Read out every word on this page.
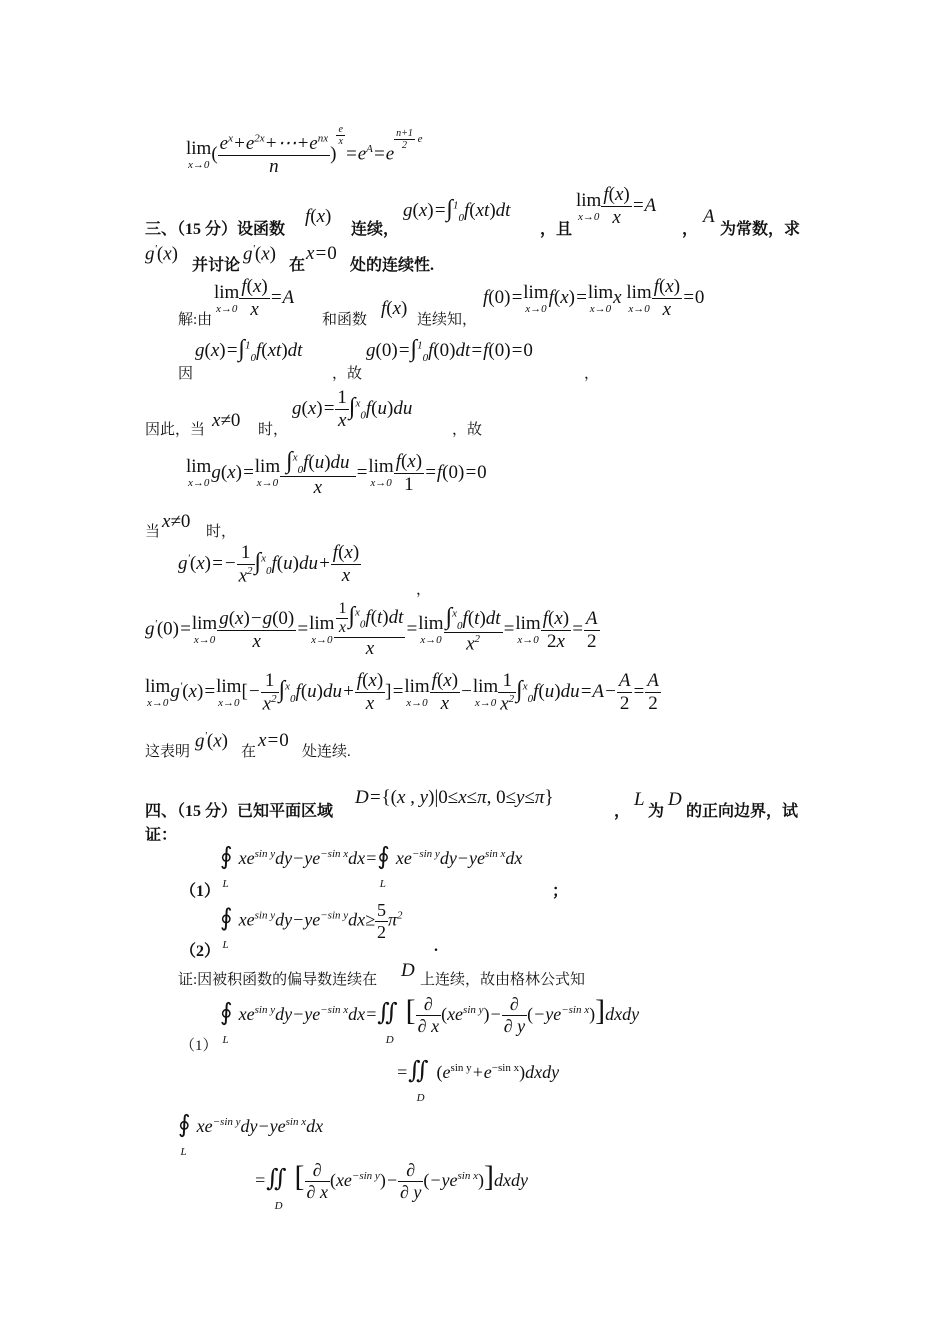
lim
x→0
( $\frac{e^x+e^{2x}+\cdots+e^{nx}}{n}$ )
$^{\frac{e}{x}}$
$=e^A=e$
$^{\frac{n+1}{2} e}$
三、（15 分）设函数
f(x)
连续，
g(x)=∫$^1_0$f(xt)dt
，且
lim
$x\to 0 \frac{f(x)}{x} =A$
，
A
为常数，求
g'(x)
并讨论
g'(x)
在
x=0
处的连续性.
解:由
lim
$x\to 0 \frac{f(x)}{x} =A$
和函数
f(x)
连续知，
f(0)=lim
x→0
f(x)=lim
x→0
x lim
$x\to 0 \frac{f(x)}{x} =0$
因
g(x)=∫$^1_0$f(xt)dt
，故
g(0)=∫$^1_0$f(0)dt=f(0)=0
，
因此，当 x≠0 时，
$g(x)= \frac{1}{x} \int^x_0f(u)du$
，故
lim
x→0
g(x)=lim
$x\to 0 \frac{\int^x_0f(u)du}{x} =\lim$
$x\to 0 \frac{f(x)}{1} =f(0)=0$
当 x≠0 时，
$g'(x)=- \frac{1}{x^2} \int^x_0f(u)du+ \frac{f(x)}{x}$
，
g'(0)=lim
$x\to 0 \frac{g(x)-g(0)}{x} =\lim$
$x\to 0 \frac{\frac{1}{x} \int^x_0f(t)dt}{x} =\lim$
$x\to 0 \frac{\int^x_0f(t)dt}{x^2} =\lim$
$x\to 0 \frac{f(x)}{2x} = \frac{A}{2}$
lim
x→0
g'(x)=lim
x→0
[− $\frac{1}{x^2} \int^x_0f(u)du+ \frac{f(x)}{x} ]=\lim$
$x\to 0 \frac{f(x)}{x} -\lim$
$x\to 0 \frac{1}{x^2} \int^x_0f(u)du=A- \frac{A}{2} = \frac{A}{2}$
这表明
g'(x)
在
x=0
处连续.
四、（15 分）已知平面区域
D={(x , y)|0≤x≤π, 0≤y≤π}
，
L
为
D
的正向边界，试
证：
（1）
$∮_Lxe^{sin y}dy-ye^{-sin x}dx=∮_Lxe^{-sin y}dy-ye^{sin x}dx$
；
（2）
$∮_Lxe^{sin y}dy-ye^{-sin y}dx\ge \frac{5}{2} \pi^2$
.
证:因被积函数的偏导数连续在 D 上连续，故由格林公式知
（1）
$∮_Lxe^{sin y}dy-ye^{-sin x}dx=∬_D[ \frac{\partial}{\partial x} (xe^{sin y})- \frac{\partial}{\partial y}$ $(-ye^{-sin x})]dxdy$
$=∬_D(e^{sin y}+e^{-sin x})dxdy$
$∮_Lxe^{-sin y}dy-ye^{sin x}dx$
$=∬_D[ \frac{\partial}{\partial x} (xe^{-sin y})- \frac{\partial}{\partial y}$ $(-ye^{sin x})]dxdy$
